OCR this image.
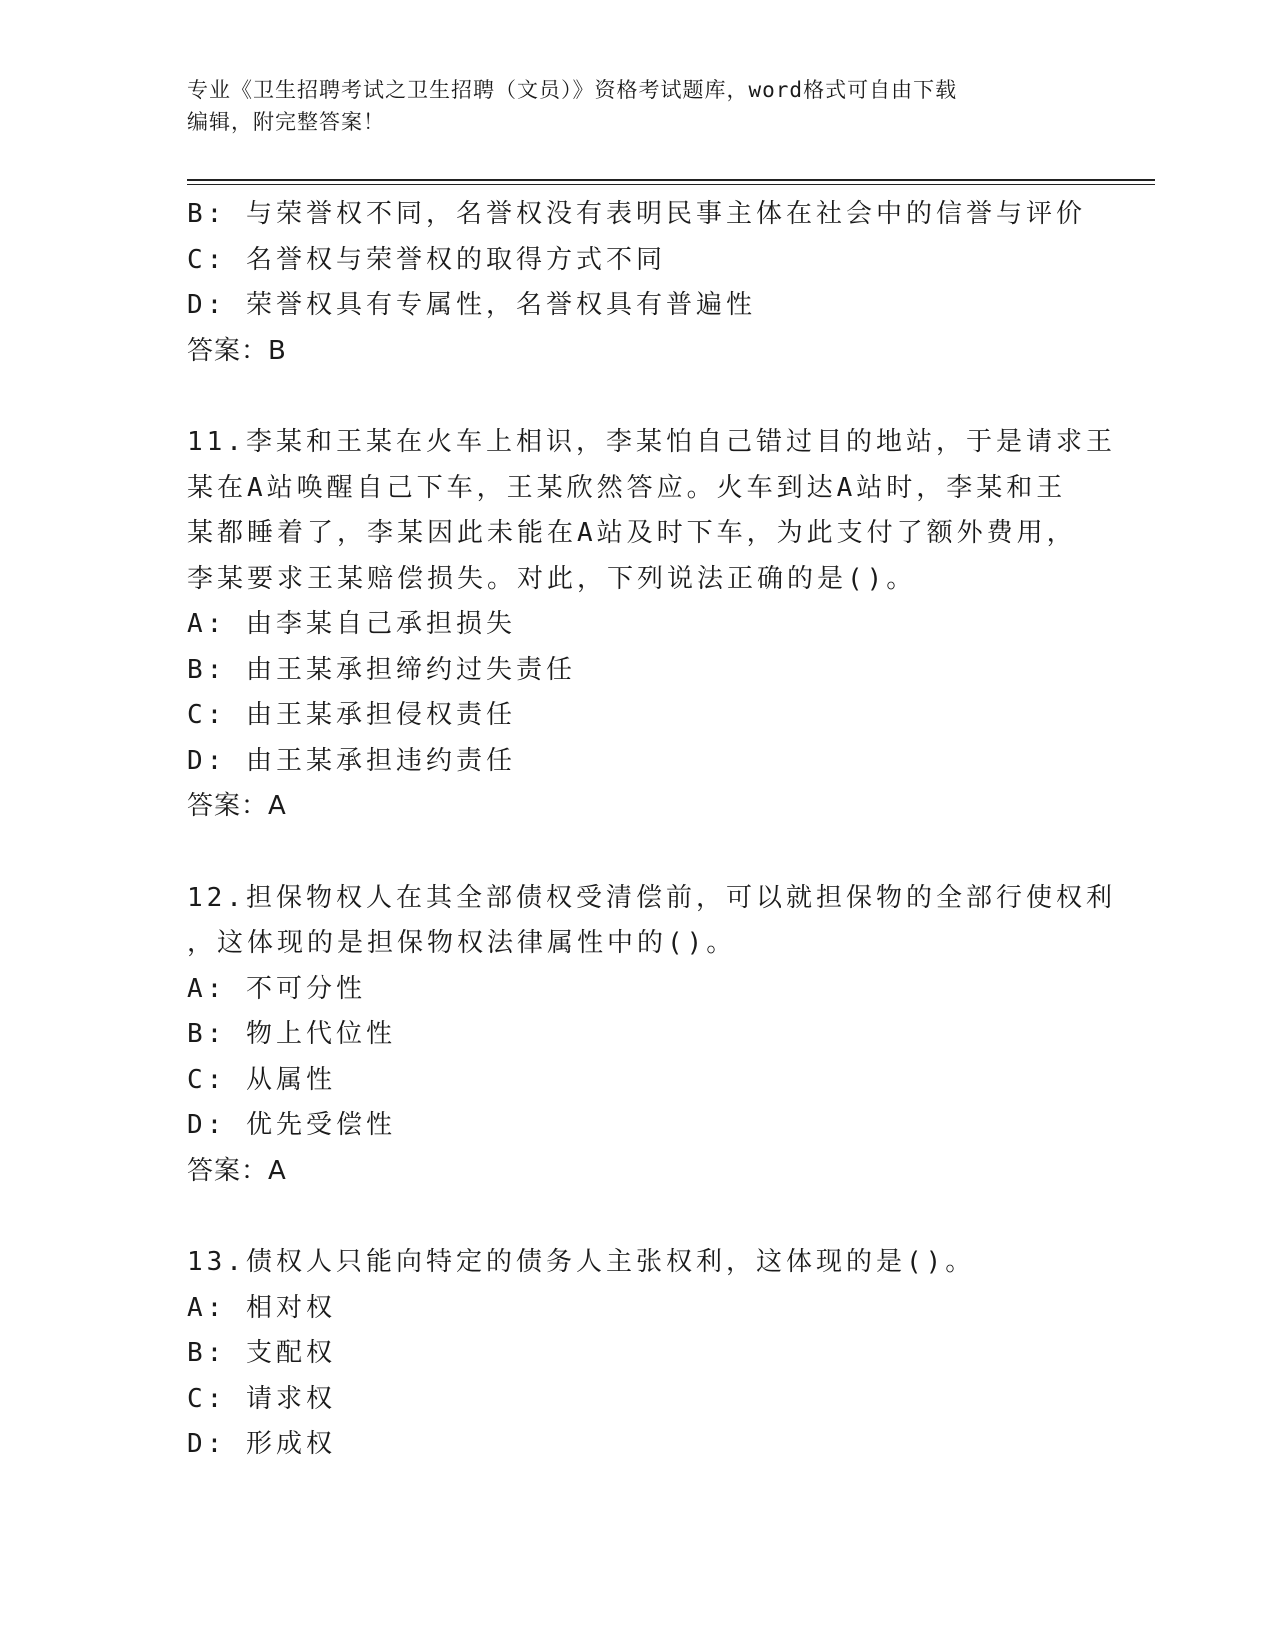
专业《卫生招聘考试之卫生招聘（文员）》资格考试题库，word格式可自由下载
编辑，附完整答案！
B: 与荣誉权不同，名誉权没有表明民事主体在社会中的信誉与评价
C: 名誉权与荣誉权的取得方式不同
D: 荣誉权具有专属性，名誉权具有普遍性
答案：B
11.李某和王某在火车上相识，李某怕自己错过目的地站，于是请求王
某在A站唤醒自己下车，王某欣然答应。火车到达A站时，李某和王
某都睡着了，李某因此未能在A站及时下车，为此支付了额外费用，
李某要求王某赔偿损失。对此，下列说法正确的是()。
A: 由李某自己承担损失
B: 由王某承担缔约过失责任
C: 由王某承担侵权责任
D: 由王某承担违约责任
答案：A
12.担保物权人在其全部债权受清偿前，可以就担保物的全部行使权利
，这体现的是担保物权法律属性中的()。
A: 不可分性
B: 物上代位性
C: 从属性
D: 优先受偿性
答案：A
13.债权人只能向特定的债务人主张权利，这体现的是()。
A: 相对权
B: 支配权
C: 请求权
D: 形成权
